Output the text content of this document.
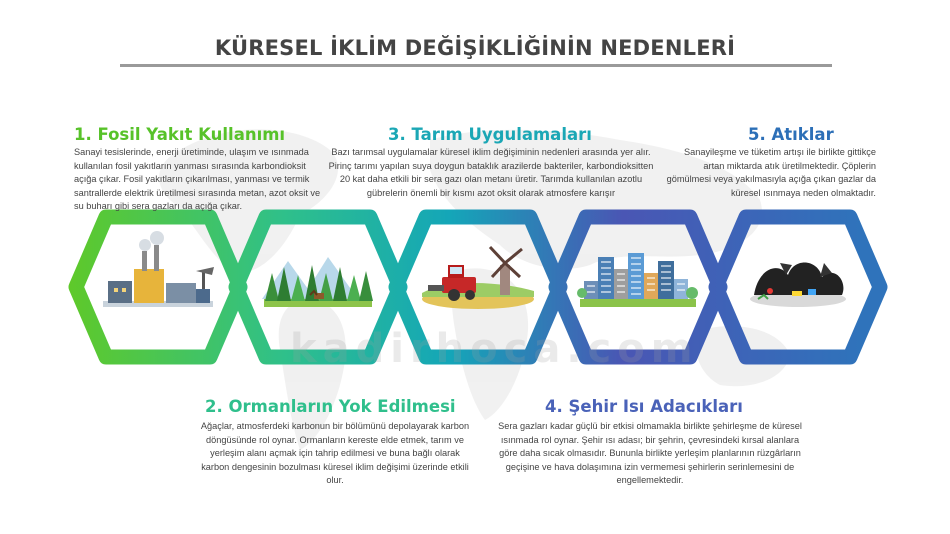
KÜRESEL İKLİM DEĞİŞİKLİĞİNİN NEDENLERİ
kadirhoca.com
1. Fosil Yakıt Kullanımı
Sanayi tesislerinde, enerji üretiminde, ulaşım ve ısınmada kullanılan fosil yakıtların yanması sırasında karbondioksit açığa çıkar. Fosil yakıtların çıkarılması, yanması ve termik santrallerde elektrik üretilmesi sırasında metan, azot oksit ve su buharı gibi sera gazları da açığa çıkar.
3. Tarım Uygulamaları
Bazı tarımsal uygulamalar küresel iklim değişiminin nedenleri arasında yer alır. Pirinç tarımı yapılan suya doygun bataklık arazilerde bakteriler, karbondioksitten 20 kat daha etkili bir sera gazı olan metanı üretir. Tarımda kullanılan azotlu gübrelerin önemli bir kısmı azot oksit olarak atmosfere karışır
5. Atıklar
Sanayileşme ve tüketim artışı ile birlikte gittikçe artan miktarda atık üretilmektedir. Çöplerin gömülmesi veya yakılmasıyla açığa çıkan gazlar da küresel ısınmaya neden olmaktadır.
2. Ormanların Yok Edilmesi
Ağaçlar, atmosferdeki karbonun bir bölümünü depolayarak karbon döngüsünde rol oynar. Ormanların kereste elde etmek, tarım ve yerleşim alanı açmak için tahrip edilmesi ve buna bağlı olarak karbon dengesinin bozulması küresel iklim değişimi üzerinde etkili olur.
4. Şehir Isı Adacıkları
Sera gazları kadar güçlü bir etkisi olmamakla birlikte şehirleşme de küresel ısınmada rol oynar. Şehir ısı adası; bir şehrin, çevresindeki kırsal alanlara göre daha sıcak olmasıdır. Bununla birlikte yerleşim planlarının rüzgârların geçişine ve hava dolaşımına izin vermemesi şehirlerin serinlemesini de engellemektedir.
